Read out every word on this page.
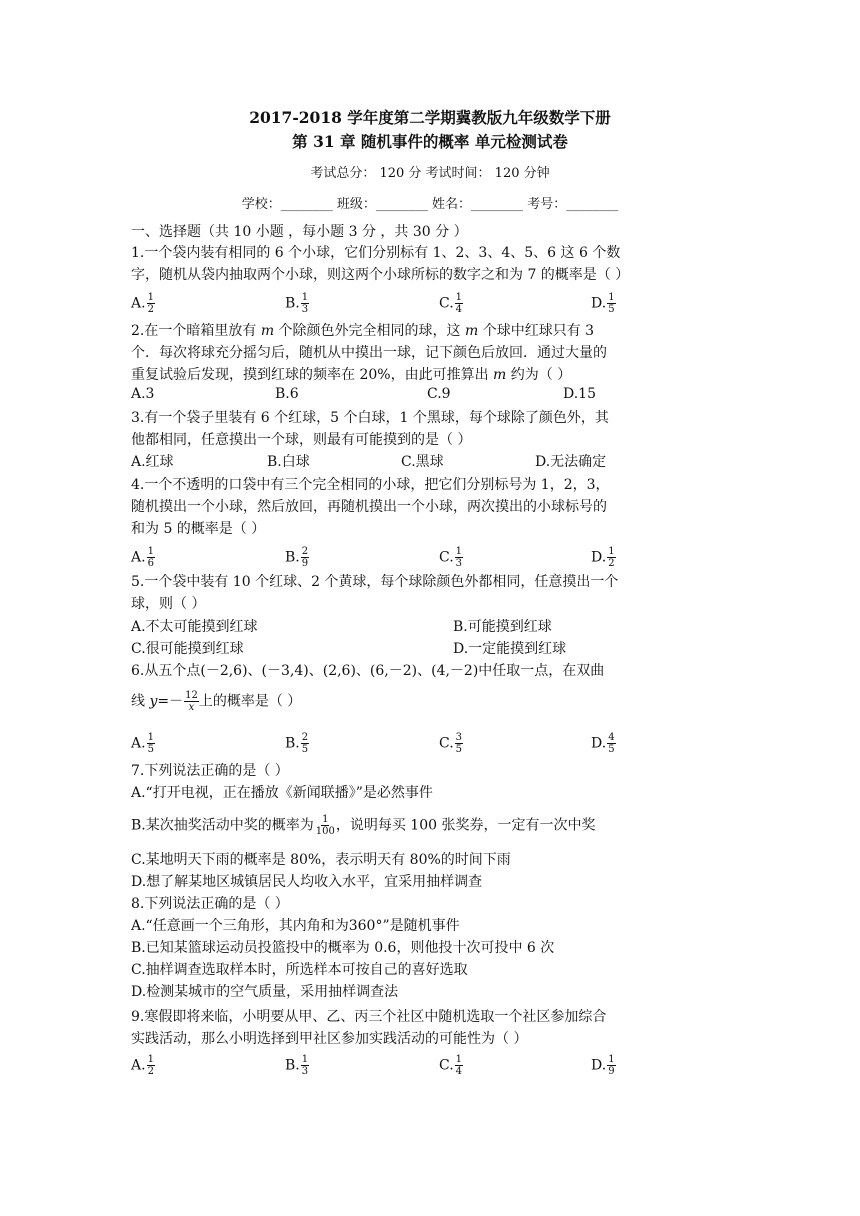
2017-2018 学年度第二学期冀教版九年级数学下册
第 31 章 随机事件的概率 单元检测试卷
考试总分： 120 分 考试时间： 120 分钟
学校：________ 班级：________ 姓名：________ 考号：________
一、选择题（共 10 小题 ，每小题 3 分 ，共 30 分 ）
1.一个袋内装有相同的 6 个小球，它们分别标有 1、2、3、4、5、6 这 6 个数
字，随机从袋内抽取两个小球，则这两个小球所标的数字之和为 7 的概率是（ ）
A. $\frac{1}{2}$	B. $\frac{1}{3}$	C. $\frac{1}{4}$	D. $\frac{1}{5}$
2.在一个暗箱里放有 m 个除颜色外完全相同的球，这 m 个球中红球只有 3
个．每次将球充分摇匀后，随机从中摸出一球，记下颜色后放回．通过大量的
重复试验后发现，摸到红球的频率在 20%，由此可推算出 m 约为（ ）
A.3	B.6	C.9	D.15
3.有一个袋子里装有 6 个红球，5 个白球，1 个黑球，每个球除了颜色外，其
他都相同，任意摸出一个球，则最有可能摸到的是（ ）
A.红球	B.白球	C.黑球	D.无法确定
4.一个不透明的口袋中有三个完全相同的小球，把它们分别标号为 1，2，3，
随机摸出一个小球，然后放回，再随机摸出一个小球，两次摸出的小球标号的
和为 5 的概率是（ ）
A. $\frac{1}{6}$	B. $\frac{2}{9}$	C. $\frac{1}{3}$	D. $\frac{1}{2}$
5.一个袋中装有 10 个红球、2 个黄球，每个球除颜色外都相同，任意摸出一个
球，则（ ）
A.不太可能摸到红球	B.可能摸到红球
C.很可能摸到红球	D.一定能摸到红球
6.从五个点(－2,6)、(－3,4)、(2,6)、(6,－2)、(4,－2)中任取一点，在双曲
线 $y=- \frac{12}{x}$ 上的概率是（ ）
A. $\frac{1}{5}$	B. $\frac{2}{5}$	C. $\frac{3}{5}$	D. $\frac{4}{5}$
7.下列说法正确的是（ ）
A.“打开电视，正在播放《新闻联播》”是必然事件
B.某次抽奖活动中奖的概率为 $\frac{1}{100}$ ，说明每买 100 张奖券，一定有一次中奖
C.某地明天下雨的概率是 80%，表示明天有 80%的时间下雨
D.想了解某地区城镇居民人均收入水平，宜采用抽样调查
8.下列说法正确的是（ ）
A.“任意画一个三角形，其内角和为360°”是随机事件
B.已知某篮球运动员投篮投中的概率为 0.6，则他投十次可投中 6 次
C.抽样调查选取样本时，所选样本可按自己的喜好选取
D.检测某城市的空气质量，采用抽样调查法
9.寒假即将来临，小明要从甲、乙、丙三个社区中随机选取一个社区参加综合
实践活动，那么小明选择到甲社区参加实践活动的可能性为（ ）
A. $\frac{1}{2}$	B. $\frac{1}{3}$	C. $\frac{1}{4}$	D. $\frac{1}{9}$
